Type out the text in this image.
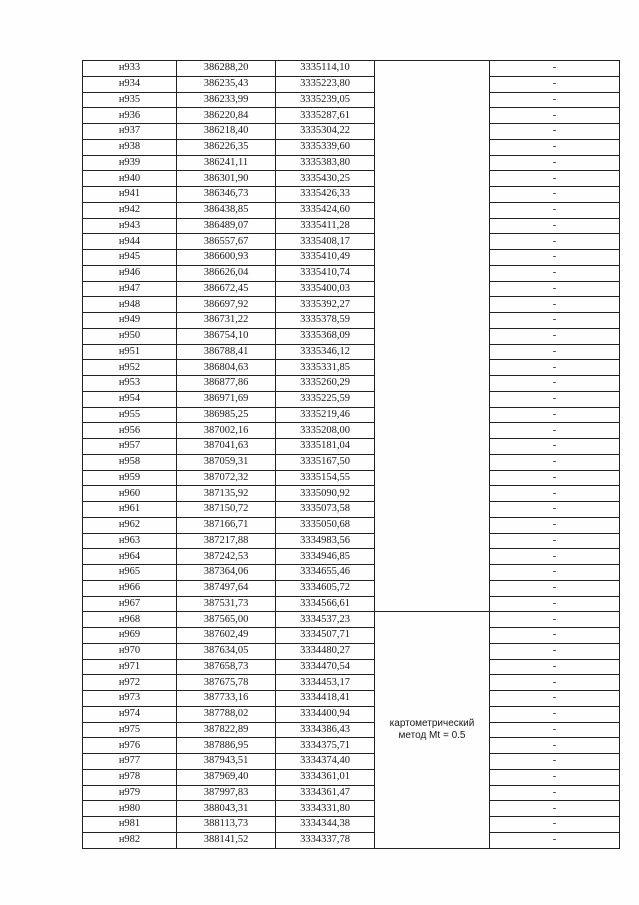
н933	386288,20	3335114,10		-
н934	386235,43	3335223,80		-
н935	386233,99	3335239,05		-
н936	386220,84	3335287,61		-
н937	386218,40	3335304,22		-
н938	386226,35	3335339,60		-
н939	386241,11	3335383,80		-
н940	386301,90	3335430,25		-
н941	386346,73	3335426,33		-
н942	386438,85	3335424,60		-
н943	386489,07	3335411,28		-
н944	386557,67	3335408,17		-
н945	386600,93	3335410,49		-
н946	386626,04	3335410,74		-
н947	386672,45	3335400,03		-
н948	386697,92	3335392,27		-
н949	386731,22	3335378,59		-
н950	386754,10	3335368,09		-
н951	386788,41	3335346,12		-
н952	386804,63	3335331,85		-
н953	386877,86	3335260,29		-
н954	386971,69	3335225,59		-
н955	386985,25	3335219,46		-
н956	387002,16	3335208,00		-
н957	387041,63	3335181,04		-
н958	387059,31	3335167,50		-
н959	387072,32	3335154,55		-
н960	387135,92	3335090,92		-
н961	387150,72	3335073,58		-
н962	387166,71	3335050,68		-
н963	387217,88	3334983,56		-
н964	387242,53	3334946,85		-
н965	387364,06	3334655,46		-
н966	387497,64	3334605,72		-
н967	387531,73	3334566,61		-
н968	387565,00	3334537,23	картометрический метод Mt = 0.5	-
н969	387602,49	3334507,71		-
н970	387634,05	3334480,27		-
н971	387658,73	3334470,54		-
н972	387675,78	3334453,17		-
н973	387733,16	3334418,41		-
н974	387788,02	3334400,94		-
н975	387822,89	3334386,43		-
н976	387886,95	3334375,71		-
н977	387943,51	3334374,40		-
н978	387969,40	3334361,01		-
н979	387997,83	3334361,47		-
н980	388043,31	3334331,80		-
н981	388113,73	3334344,38		-
н982	388141,52	3334337,78		-
